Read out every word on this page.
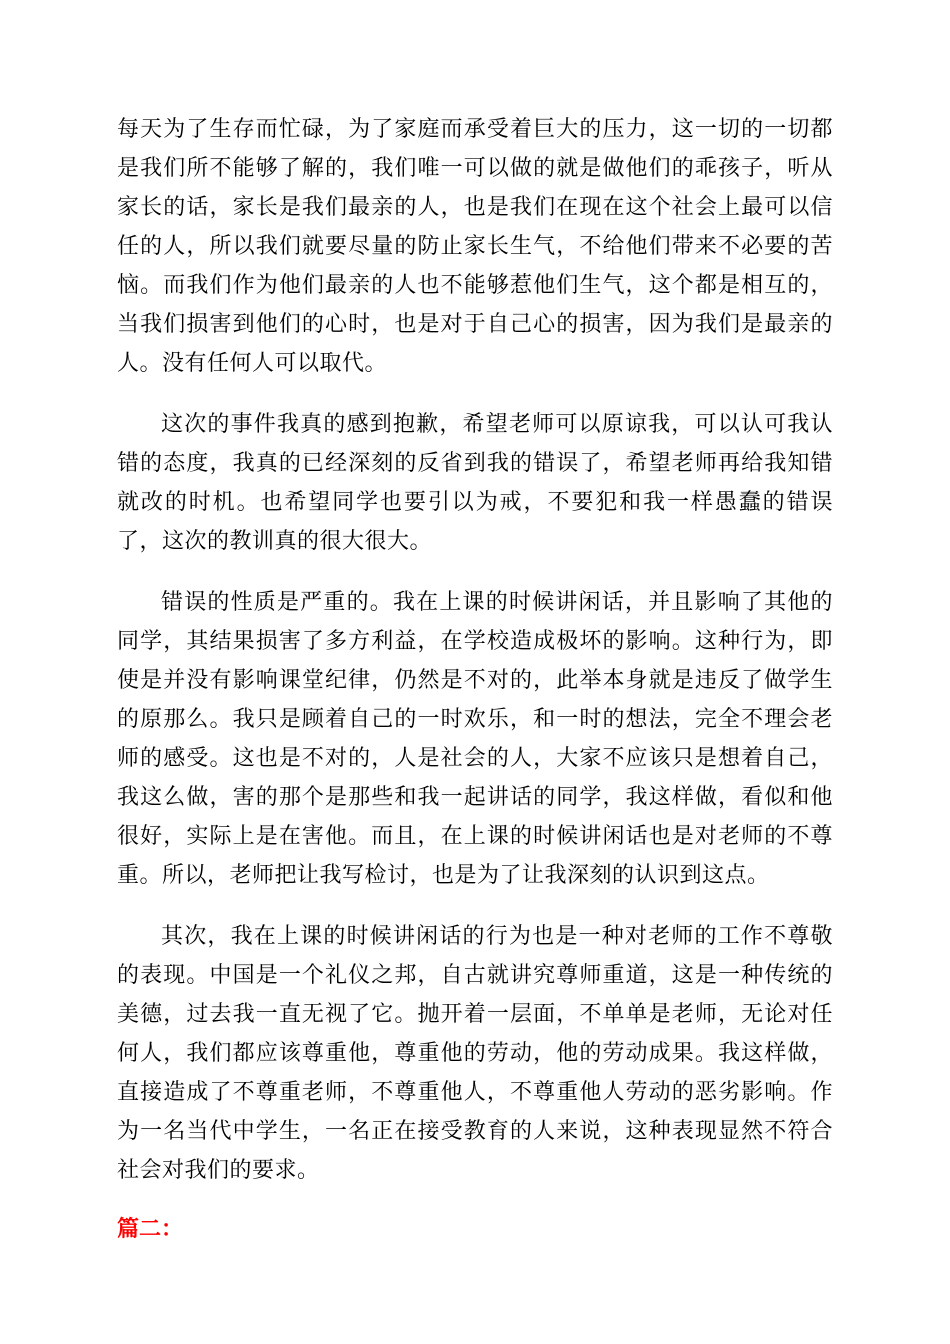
每天为了生存而忙碌，为了家庭而承受着巨大的压力，这一切的一切都是我们所不能够了解的，我们唯一可以做的就是做他们的乖孩子，听从家长的话，家长是我们最亲的人，也是我们在现在这个社会上最可以信任的人，所以我们就要尽量的防止家长生气，不给他们带来不必要的苦恼。而我们作为他们最亲的人也不能够惹他们生气，这个都是相互的，当我们损害到他们的心时，也是对于自己心的损害，因为我们是最亲的人。没有任何人可以取代。

这次的事件我真的感到抱歉，希望老师可以原谅我，可以认可我认错的态度，我真的已经深刻的反省到我的错误了，希望老师再给我知错就改的时机。也希望同学也要引以为戒，不要犯和我一样愚蠢的错误了，这次的教训真的很大很大。

错误的性质是严重的。我在上课的时候讲闲话，并且影响了其他的同学，其结果损害了多方利益，在学校造成极坏的影响。这种行为，即使是并没有影响课堂纪律，仍然是不对的，此举本身就是违反了做学生的原那么。我只是顾着自己的一时欢乐，和一时的想法，完全不理会老师的感受。这也是不对的，人是社会的人，大家不应该只是想着自己，我这么做，害的那个是那些和我一起讲话的同学，我这样做，看似和他很好，实际上是在害他。而且，在上课的时候讲闲话也是对老师的不尊重。所以，老师把让我写检讨，也是为了让我深刻的认识到这点。

其次，我在上课的时候讲闲话的行为也是一种对老师的工作不尊敬的表现。中国是一个礼仪之邦，自古就讲究尊师重道，这是一种传统的美德，过去我一直无视了它。抛开着一层面，不单单是老师，无论对任何人，我们都应该尊重他，尊重他的劳动，他的劳动成果。我这样做，直接造成了不尊重老师，不尊重他人，不尊重他人劳动的恶劣影响。作为一名当代中学生，一名正在接受教育的人来说，这种表现显然不符合社会对我们的要求。

篇二：
